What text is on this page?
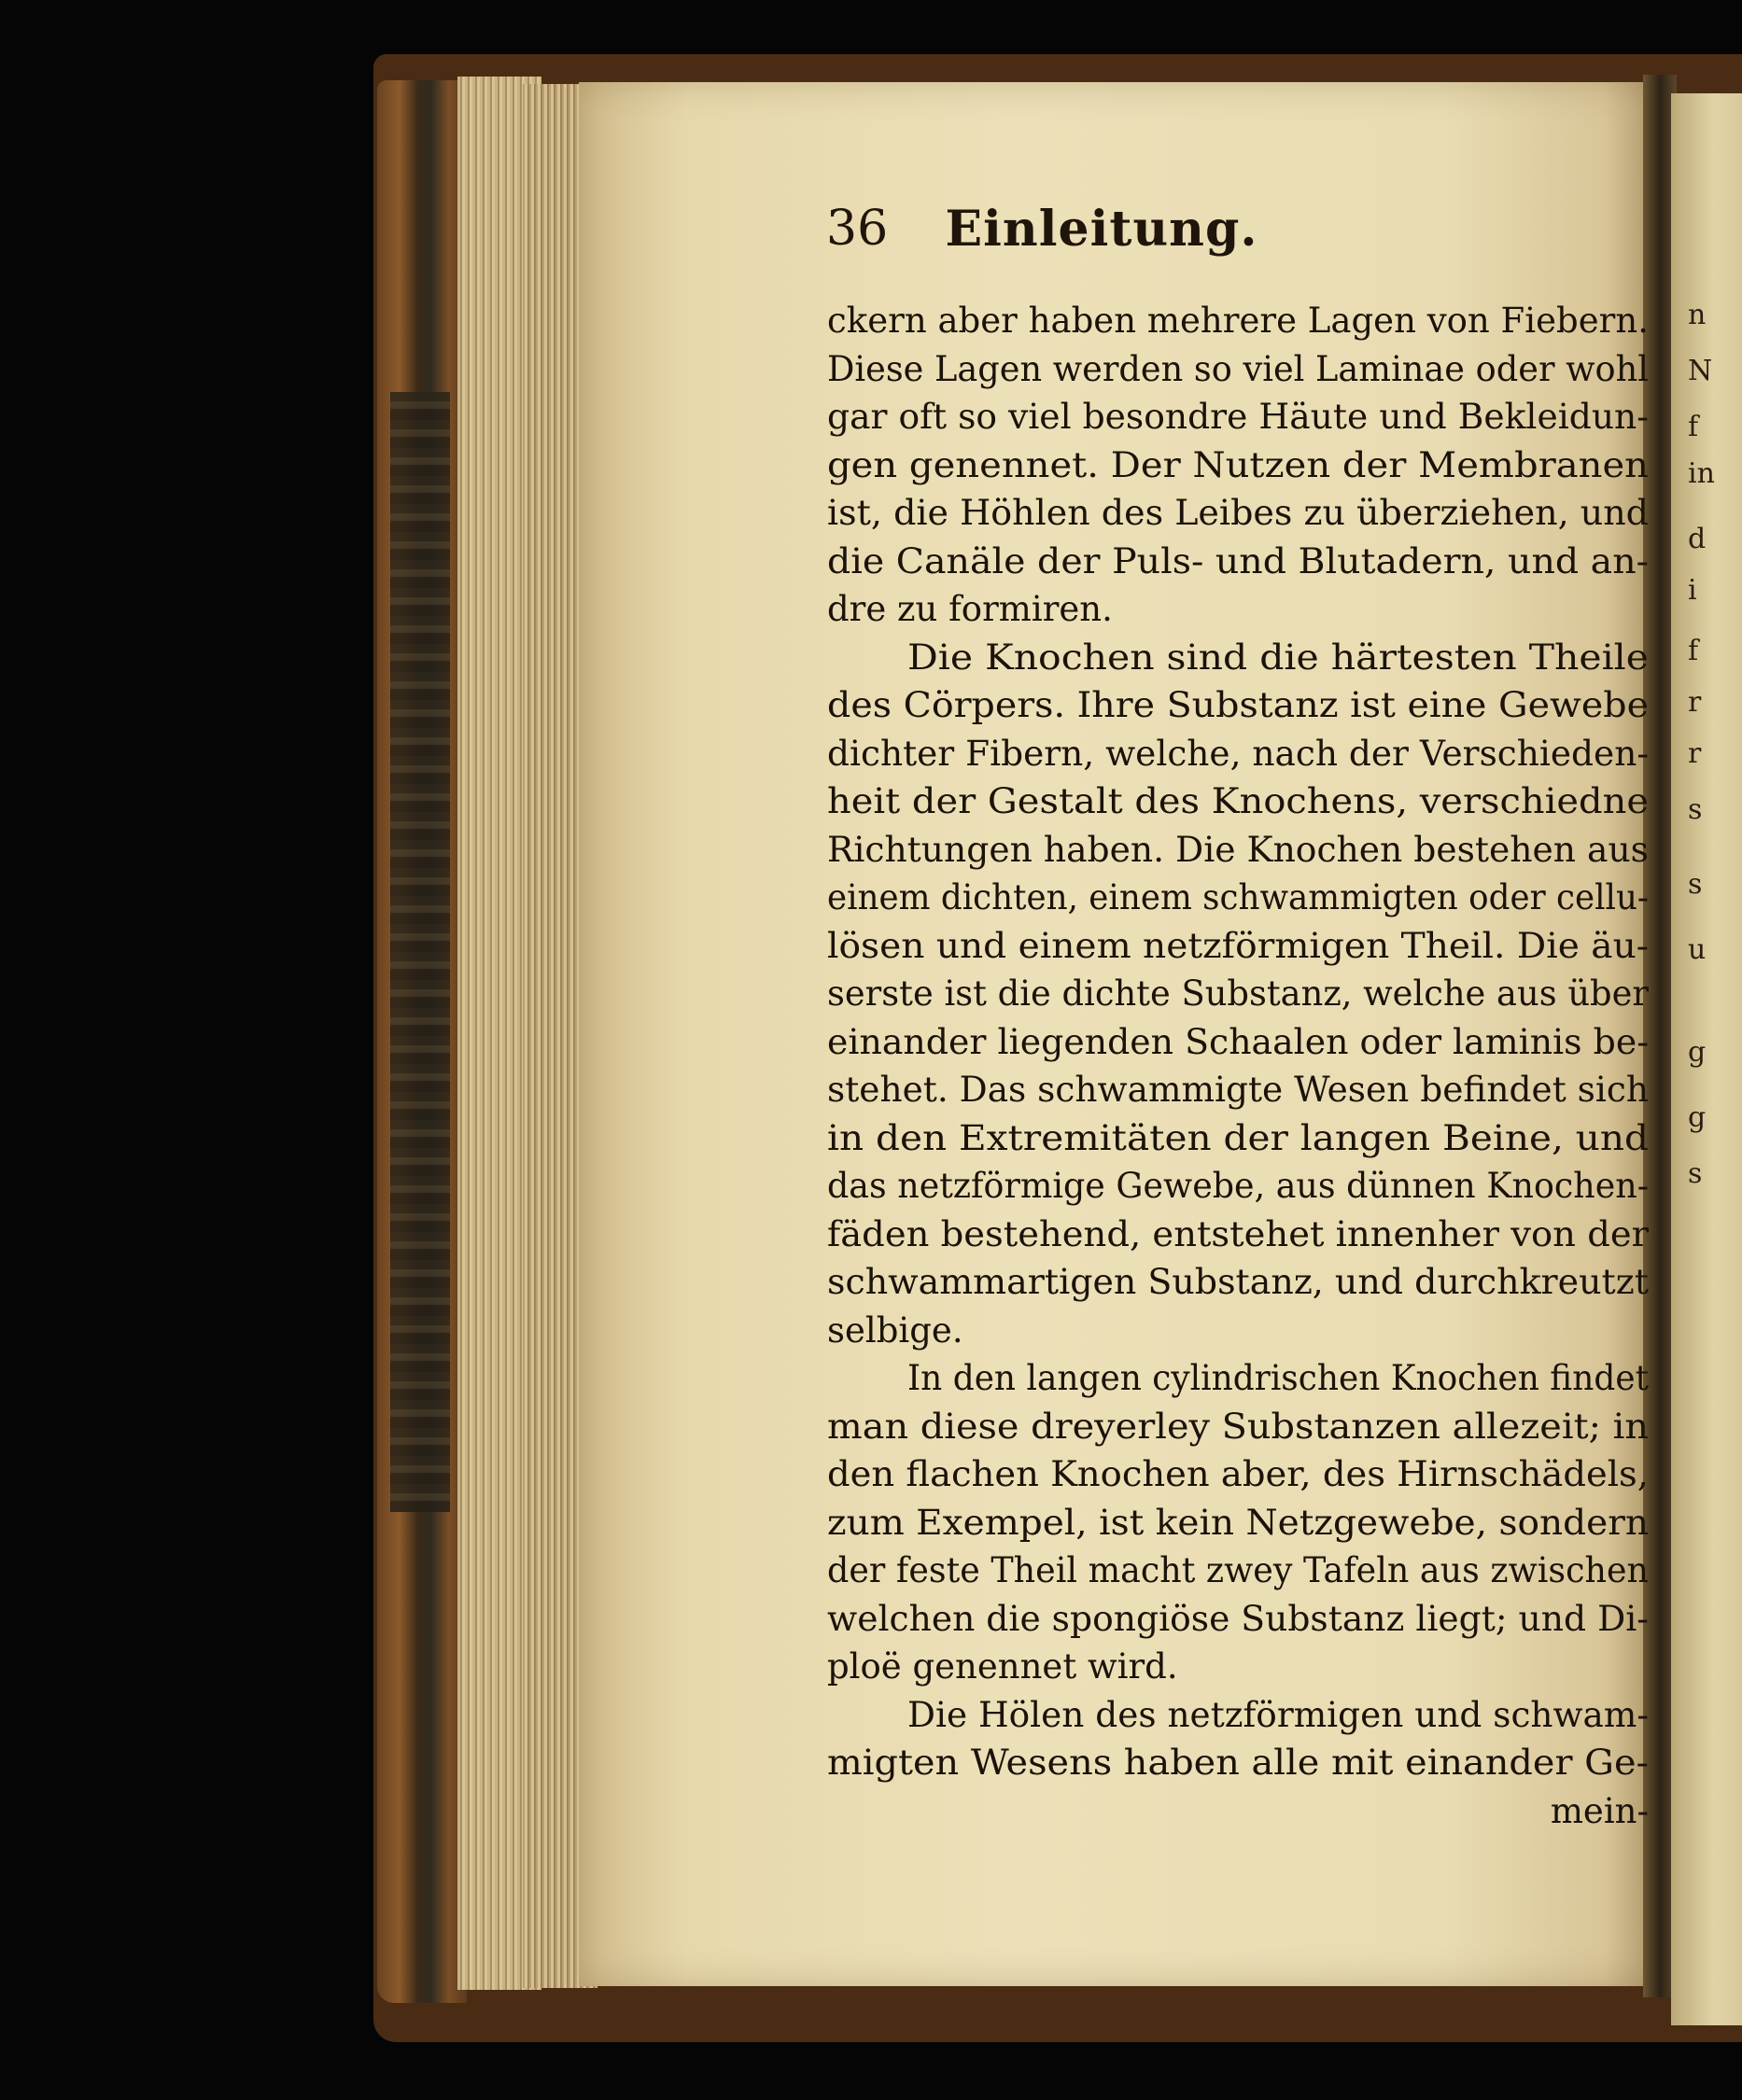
n
N
f
in
d
i
f
r
r
s
s
u
g
g
s
36	Einleitung.
ckern aber haben mehrere Lagen von Fiebern.
Diese Lagen werden so viel Laminae oder wohl
gar oft so viel besondre Häute und Bekleidun-
gen genennet. Der Nutzen der Membranen
ist, die Höhlen des Leibes zu überziehen, und
die Canäle der Puls- und Blutadern, und an-
dre zu formiren.
Die Knochen sind die härtesten Theile
des Cörpers. Ihre Substanz ist eine Gewebe
dichter Fibern, welche, nach der Verschieden-
heit der Gestalt des Knochens, verschiedne
Richtungen haben. Die Knochen bestehen aus
einem dichten, einem schwammigten oder cellu-
lösen und einem netzförmigen Theil. Die äu-
serste ist die dichte Substanz, welche aus über
einander liegenden Schaalen oder laminis be-
stehet. Das schwammigte Wesen befindet sich
in den Extremitäten der langen Beine, und
das netzförmige Gewebe, aus dünnen Knochen-
fäden bestehend, entstehet innenher von der
schwammartigen Substanz, und durchkreutzt
selbige.
In den langen cylindrischen Knochen findet
man diese dreyerley Substanzen allezeit; in
den flachen Knochen aber, des Hirnschädels,
zum Exempel, ist kein Netzgewebe, sondern
der feste Theil macht zwey Tafeln aus zwischen
welchen die spongiöse Substanz liegt; und Di-
ploë genennet wird.
Die Hölen des netzförmigen und schwam-
migten Wesens haben alle mit einander Ge-
mein-
